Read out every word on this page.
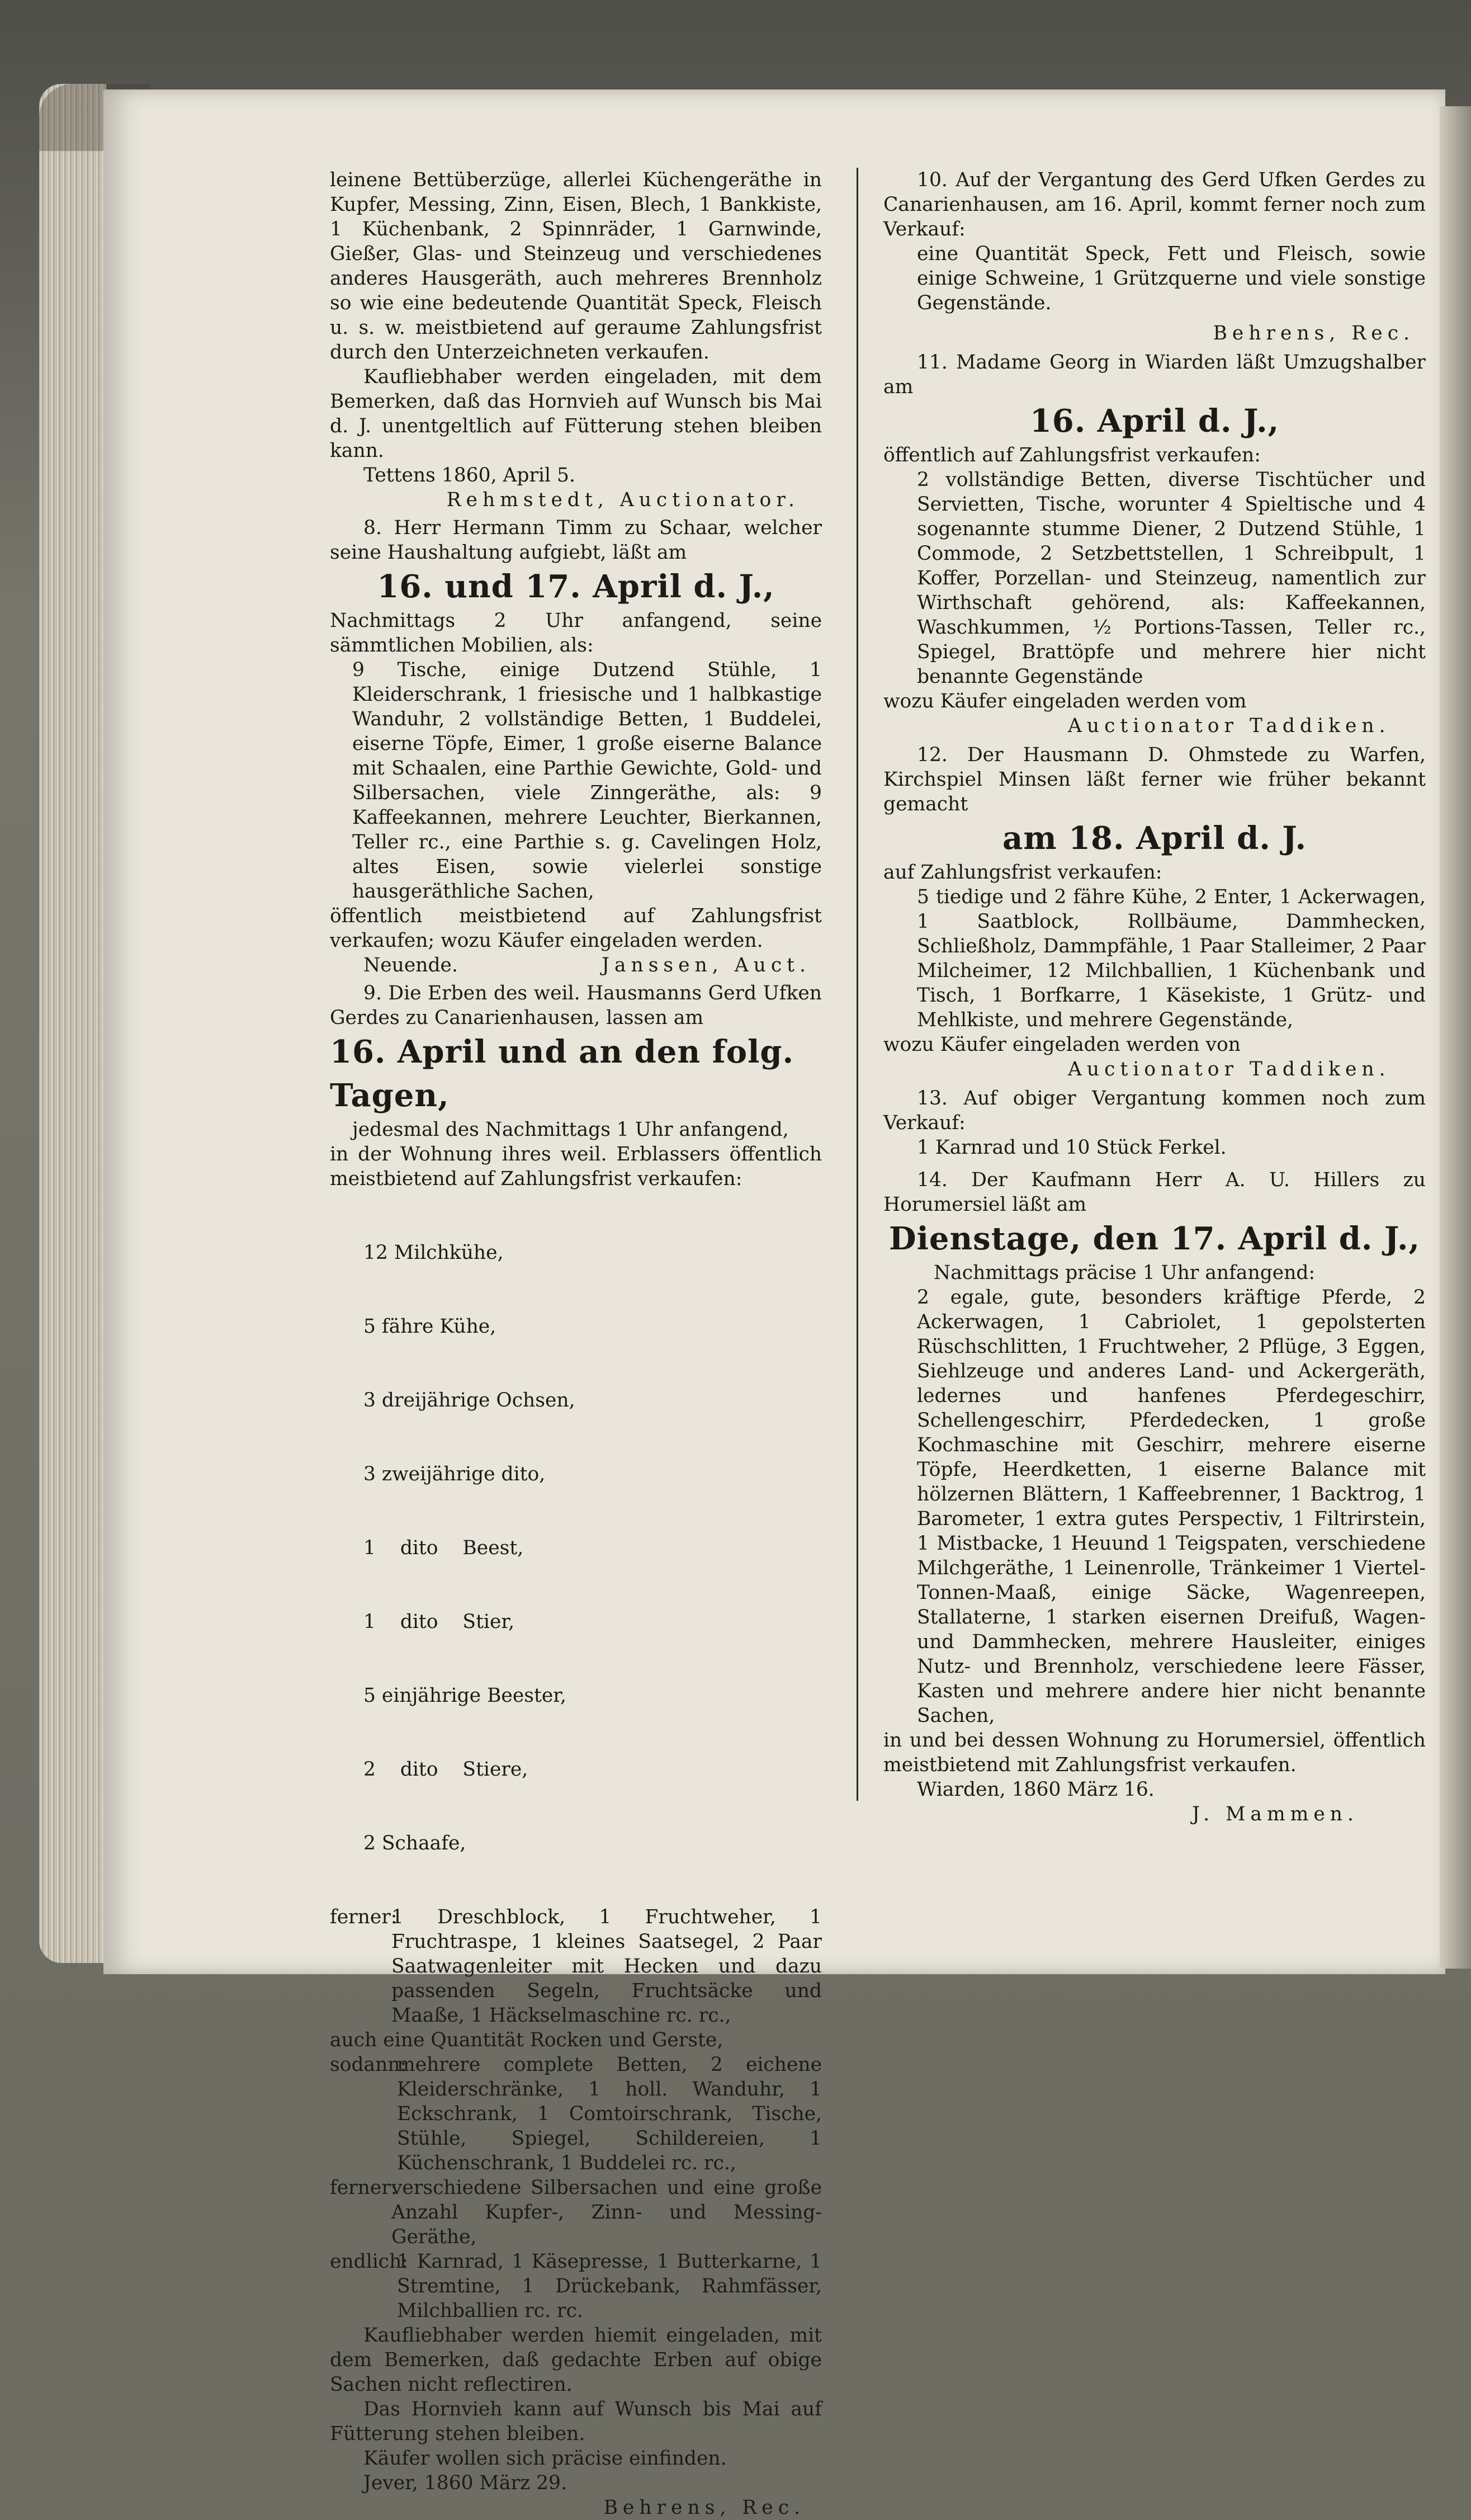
leinene Bettüberzüge, allerlei Küchengeräthe in Kupfer, Messing, Zinn, Eisen, Blech, 1 Bankkiste, 1 Küchenbank, 2 Spinnräder, 1 Garnwinde, Gießer, Glas- und Steinzeug und verschiedenes anderes Hausgeräth, auch mehreres Brennholz so wie eine bedeutende Quantität Speck, Fleisch u. s. w. meistbietend auf geraume Zahlungsfrist durch den Unterzeichneten verkaufen.

Kaufliebhaber werden eingeladen, mit dem Bemerken, daß das Hornvieh auf Wunsch bis Mai d. J. unentgeltlich auf Fütterung stehen bleiben kann.

Tettens 1860, April 5.

Rehmstedt, Auctionator.

8. Herr Hermann Timm zu Schaar, welcher seine Haushaltung aufgiebt, läßt am

16. und 17. April d. J.,

Nachmittags 2 Uhr anfangend, seine sämmtlichen Mobilien, als:

9 Tische, einige Dutzend Stühle, 1 Kleiderschrank, 1 friesische und 1 halbkastige Wanduhr, 2 vollständige Betten, 1 Buddelei, eiserne Töpfe, Eimer, 1 große eiserne Balance mit Schaalen, eine Parthie Gewichte, Gold- und Silbersachen, viele Zinngeräthe, als: 9 Kaffeekannen, mehrere Leuchter, Bierkannen, Teller rc., eine Parthie s. g. Cavelingen Holz, altes Eisen, sowie vielerlei sonstige hausgeräthliche Sachen,

öffentlich meistbietend auf Zahlungsfrist verkaufen; wozu Käufer eingeladen werden.

Neuende.	Janssen, Auct.

9. Die Erben des weil. Hausmanns Gerd Ufken Gerdes zu Canarienhausen, lassen am

16. April und an den folg. Tagen,

jedesmal des Nachmittags 1 Uhr anfangend,

in der Wohnung ihres weil. Erblassers öffentlich meistbietend auf Zahlungsfrist verkaufen:

12 Milchkühe,

5 fähre Kühe,

3 dreijährige Ochsen,

3 zweijährige dito,

1    dito    Beest,

1    dito    Stier,

5 einjährige Beester,

2    dito    Stiere,

2 Schaafe,

ferner:
1 Dreschblock, 1 Fruchtweher, 1 Fruchtraspe, 1 kleines Saatsegel, 2 Paar Saatwagenleiter mit Hecken und dazu passenden Segeln, Fruchtsäcke und Maaße, 1 Häckselmaschine rc. rc.,

auch eine Quantität Rocken und Gerste,

sodann:
mehrere complete Betten, 2 eichene Kleiderschränke, 1 holl. Wanduhr, 1 Eckschrank, 1 Comtoirschrank, Tische, Stühle, Spiegel, Schildereien, 1 Küchenschrank, 1 Buddelei rc. rc.,

ferner:
verschiedene Silbersachen und eine große Anzahl Kupfer-, Zinn- und Messing-Geräthe,

endlich:
1 Karnrad, 1 Käsepresse, 1 Butterkarne, 1 Stremtine, 1 Drückebank, Rahmfässer, Milchballien rc. rc.

Kaufliebhaber werden hiemit eingeladen, mit dem Bemerken, daß gedachte Erben auf obige Sachen nicht reflectiren.

Das Hornvieh kann auf Wunsch bis Mai auf Fütterung stehen bleiben.

Käufer wollen sich präcise einfinden.

Jever, 1860 März 29.

Behrens, Rec.

10. Auf der Vergantung des Gerd Ufken Gerdes zu Canarienhausen, am 16. April, kommt ferner noch zum Verkauf:

eine Quantität Speck, Fett und Fleisch, sowie einige Schweine, 1 Grützquerne und viele sonstige Gegenstände.

Behrens, Rec.

11. Madame Georg in Wiarden läßt Umzugshalber am

16. April d. J.,

öffentlich auf Zahlungsfrist verkaufen:

2 vollständige Betten, diverse Tischtücher und Servietten, Tische, worunter 4 Spieltische und 4 sogenannte stumme Diener, 2 Dutzend Stühle, 1 Commode, 2 Setzbettstellen, 1 Schreibpult, 1 Koffer, Porzellan- und Steinzeug, namentlich zur Wirthschaft gehörend, als: Kaffeekannen, Waschkummen, ½ Portions-Tassen, Teller rc., Spiegel, Brattöpfe und mehrere hier nicht benannte Gegenstände

wozu Käufer eingeladen werden vom

Auctionator Taddiken.

12. Der Hausmann D. Ohmstede zu Warfen, Kirchspiel Minsen läßt ferner wie früher bekannt gemacht

am 18. April d. J.

auf Zahlungsfrist verkaufen:

5 tiedige und 2 fähre Kühe, 2 Enter, 1 Ackerwagen, 1 Saatblock, Rollbäume, Dammhecken, Schließholz, Dammpfähle, 1 Paar Stalleimer, 2 Paar Milcheimer, 12 Milchballien, 1 Küchenbank und Tisch, 1 Borfkarre, 1 Käsekiste, 1 Grütz- und Mehlkiste, und mehrere Gegenstände,

wozu Käufer eingeladen werden von

Auctionator Taddiken.

13. Auf obiger Vergantung kommen noch zum Verkauf:

1 Karnrad und 10 Stück Ferkel.

14. Der Kaufmann Herr A. U. Hillers zu Horumersiel läßt am

Dienstage, den 17. April d. J.,

Nachmittags präcise 1 Uhr anfangend:

2 egale, gute, besonders kräftige Pferde, 2 Ackerwagen, 1 Cabriolet, 1 gepolsterten Rüschschlitten, 1 Fruchtweher, 2 Pflüge, 3 Eggen, Siehlzeuge und anderes Land- und Ackergeräth, ledernes und hanfenes Pferdegeschirr, Schellengeschirr, Pferdedecken, 1 große Kochmaschine mit Geschirr, mehrere eiserne Töpfe, Heerdketten, 1 eiserne Balance mit hölzernen Blättern, 1 Kaffeebrenner, 1 Backtrog, 1 Barometer, 1 extra gutes Perspectiv, 1 Filtrirstein, 1 Mistbacke, 1 Heuund 1 Teigspaten, verschiedene Milchgeräthe, 1 Leinenrolle, Tränkeimer 1 Viertel-Tonnen-Maaß, einige Säcke, Wagenreepen, Stallaterne, 1 starken eisernen Dreifuß, Wagen- und Dammhecken, mehrere Hausleiter, einiges Nutz- und Brennholz, verschiedene leere Fässer, Kasten und mehrere andere hier nicht benannte Sachen,

in und bei dessen Wohnung zu Horumersiel, öffentlich meistbietend mit Zahlungsfrist verkaufen.

Wiarden, 1860 März 16.

J. Mammen.
